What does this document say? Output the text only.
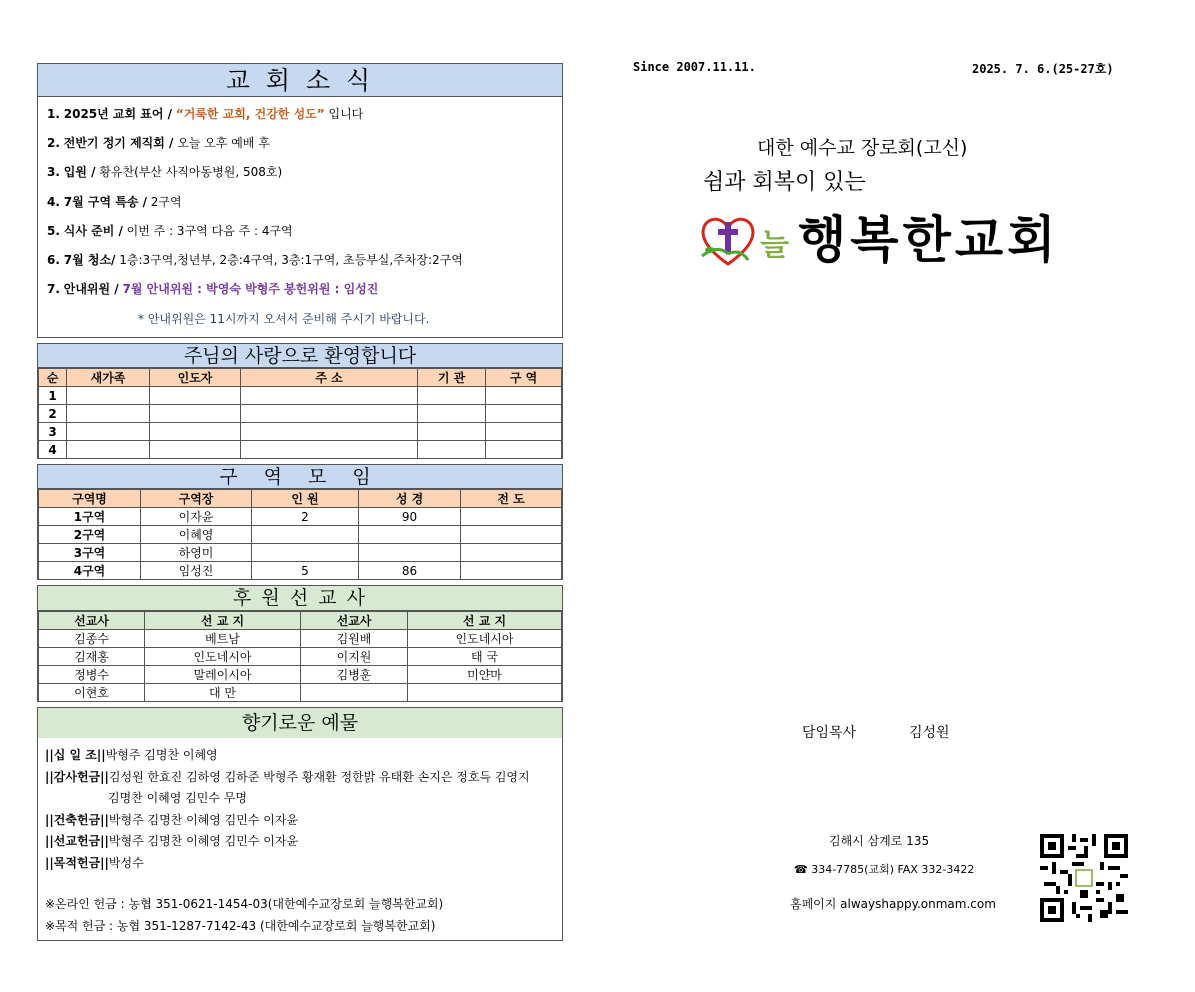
교 회 소 식
1. 2025년 교회 표어 / “거룩한 교회, 건강한 성도” 입니다
2. 전반기 정기 제직회 / 오늘 오후 예배 후
3. 입원 / 황유찬(부산 사직아동병원, 508호)
4. 7월 구역 특송 / 2구역
5. 식사 준비 / 이번 주 : 3구역 다음 주 : 4구역
6. 7월 청소/ 1층:3구역,청년부, 2층:4구역, 3층:1구역, 초등부실,주차장:2구역
7. 안내위원 / 7월 안내위원 : 박영숙 박형주 봉헌위원 : 임성진
* 안내위원은 11시까지 오셔서 준비해 주시기 바랍니다.
주님의 사랑으로 환영합니다
순	새가족	인도자	주 소	기 관	구 역
1					
2					
3					
4					
구 역 모 임
구역명	구역장	인 원	성 경	전 도
1구역	이자윤	2	90	
2구역	이혜영			
3구역	하영미			
4구역	임성진	5	86	
후 원 선 교 사
선교사	선 교 지	선교사	선 교 지
김종수	베트남	김원배	인도네시아
김재홍	인도네시아	이지원	태 국
정병수	말레이시아	김병훈	미얀마
이현호	대 만		
향기로운 예물
||십 일 조||박형주 김명찬 이혜영
||감사헌금||김성원 한효진 김하영 김하준 박형주 황재환 정한밝 유태환 손지은 정호득 김영지
김명찬 이혜영 김민수 무명
||건축헌금||박형주 김명찬 이혜영 김민수 이자윤
||선교헌금||박형주 김명찬 이혜영 김민수 이자윤
||목적헌금||박성수
※온라인 헌금 : 농협 351-0621-1454-03(대한예수교장로회 늘행복한교회)
※목적 헌금 : 농협 351-1287-7142-43 (대한예수교장로회 늘행복한교회)
Since 2007.11.11.	2025. 7. 6.(25-27호)
대한 예수교 장로회(고신)
쉼과 회복이 있는
늘 행복한교회
담임목사	김성원
김해시 삼계로 135
☎ 334-7785(교회) FAX 332-3422
홈페이지 alwayshappy.onmam.com
